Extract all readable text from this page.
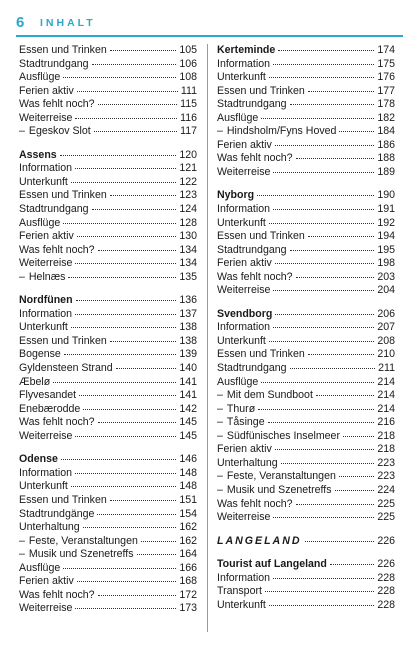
6 INHALT
Essen und Trinken	105
Stadtrundgang	106
Ausflüge	108
Ferien aktiv	111
Was fehlt noch?	115
Weiterreise	116
– Egeskov Slot	117
Assens	120
Information	121
Unterkunft	122
Essen und Trinken	123
Stadtrundgang	124
Ausflüge	128
Ferien aktiv	130
Was fehlt noch?	134
Weiterreise	134
– Helnæs	135
Nordfünen	136
Information	137
Unterkunft	138
Essen und Trinken	138
Bogense	139
Gyldensteen Strand	140
Æbelø	141
Flyvesandet	141
Enebærodde	142
Was fehlt noch?	145
Weiterreise	145
Odense	146
Information	148
Unterkunft	148
Essen und Trinken	151
Stadtrundgänge	154
Unterhaltung	162
– Feste, Veranstaltungen	162
– Musik und Szenetreffs	164
Ausflüge	166
Ferien aktiv	168
Was fehlt noch?	172
Weiterreise	173
Kerteminde	174
Information	175
Unterkunft	176
Essen und Trinken	177
Stadtrundgang	178
Ausflüge	182
– Hindsholm/Fyns Hoved	184
Ferien aktiv	186
Was fehlt noch?	188
Weiterreise	189
Nyborg	190
Information	191
Unterkunft	192
Essen und Trinken	194
Stadtrundgang	195
Ferien aktiv	198
Was fehlt noch?	203
Weiterreise	204
Svendborg	206
Information	207
Unterkunft	208
Essen und Trinken	210
Stadtrundgang	211
Ausflüge	214
– Mit dem Sundboot	214
– Thurø	214
– Tåsinge	216
– Südfünisches Inselmeer	218
Ferien aktiv	218
Unterhaltung	223
– Feste, Veranstaltungen	223
– Musik und Szenetreffs	224
Was fehlt noch?	225
Weiterreise	225
LANGELAND	226
Tourist auf Langeland	226
Information	228
Transport	228
Unterkunft	228
